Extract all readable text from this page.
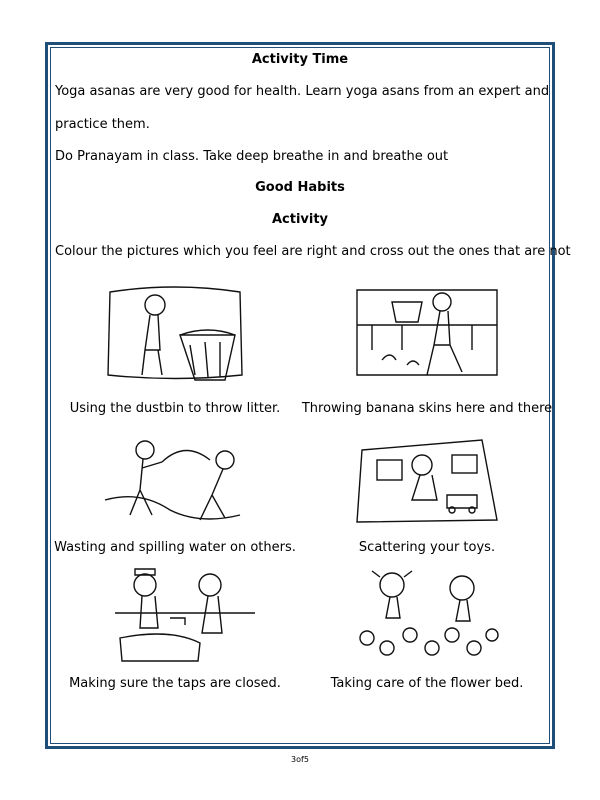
Activity Time
Yoga asanas are very good for health. Learn yoga asans from an expert and
practice them.
Do Pranayam in class. Take deep breathe in and breathe out
Good Habits
Activity
Colour the pictures which you feel are right and cross out the ones that are not
Using the dustbin to throw litter.	Throwing banana skins here and there
Wasting and spilling water on others.	Scattering your toys.
Making sure the taps are closed.	Taking care of the flower bed.
3of5
